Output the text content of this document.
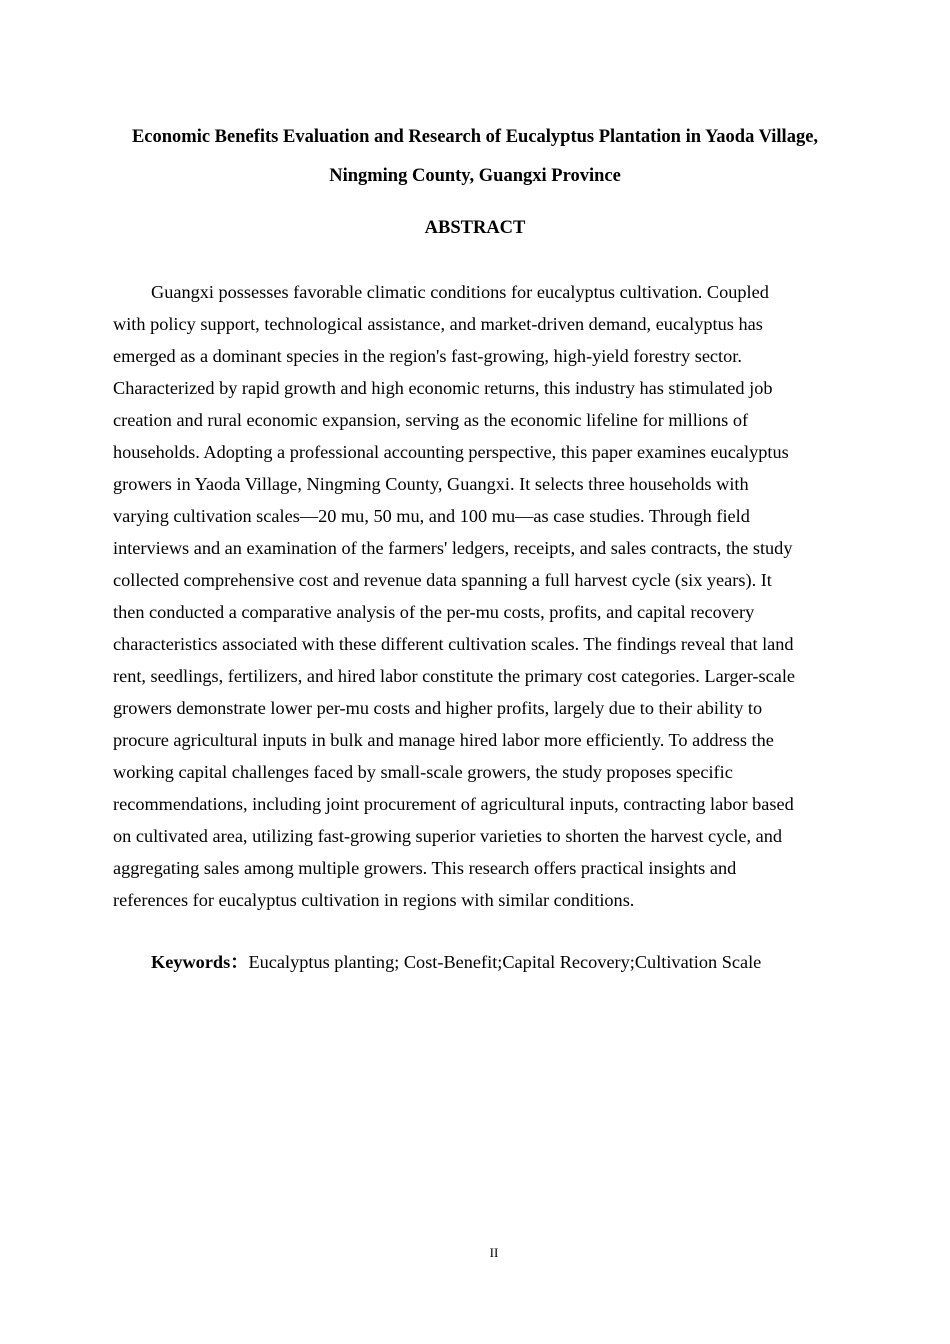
Economic Benefits Evaluation and Research of Eucalyptus Plantation in Yaoda Village,
Ningming County, Guangxi Province
ABSTRACT

Guangxi possesses favorable climatic conditions for eucalyptus cultivation. Coupled
with policy support, technological assistance, and market-driven demand, eucalyptus has
emerged as a dominant species in the region's fast-growing, high-yield forestry sector.
Characterized by rapid growth and high economic returns, this industry has stimulated job
creation and rural economic expansion, serving as the economic lifeline for millions of
households. Adopting a professional accounting perspective, this paper examines eucalyptus
growers in Yaoda Village, Ningming County, Guangxi. It selects three households with
varying cultivation scales—20 mu, 50 mu, and 100 mu—as case studies. Through field
interviews and an examination of the farmers' ledgers, receipts, and sales contracts, the study
collected comprehensive cost and revenue data spanning a full harvest cycle (six years). It
then conducted a comparative analysis of the per-mu costs, profits, and capital recovery
characteristics associated with these different cultivation scales. The findings reveal that land
rent, seedlings, fertilizers, and hired labor constitute the primary cost categories. Larger-scale
growers demonstrate lower per-mu costs and higher profits, largely due to their ability to
procure agricultural inputs in bulk and manage hired labor more efficiently. To address the
working capital challenges faced by small-scale growers, the study proposes specific
recommendations, including joint procurement of agricultural inputs, contracting labor based
on cultivated area, utilizing fast-growing superior varieties to shorten the harvest cycle, and
aggregating sales among multiple growers. This research offers practical insights and
references for eucalyptus cultivation in regions with similar conditions.

Keywords：Eucalyptus planting; Cost-Benefit;Capital Recovery;Cultivation Scale

II
